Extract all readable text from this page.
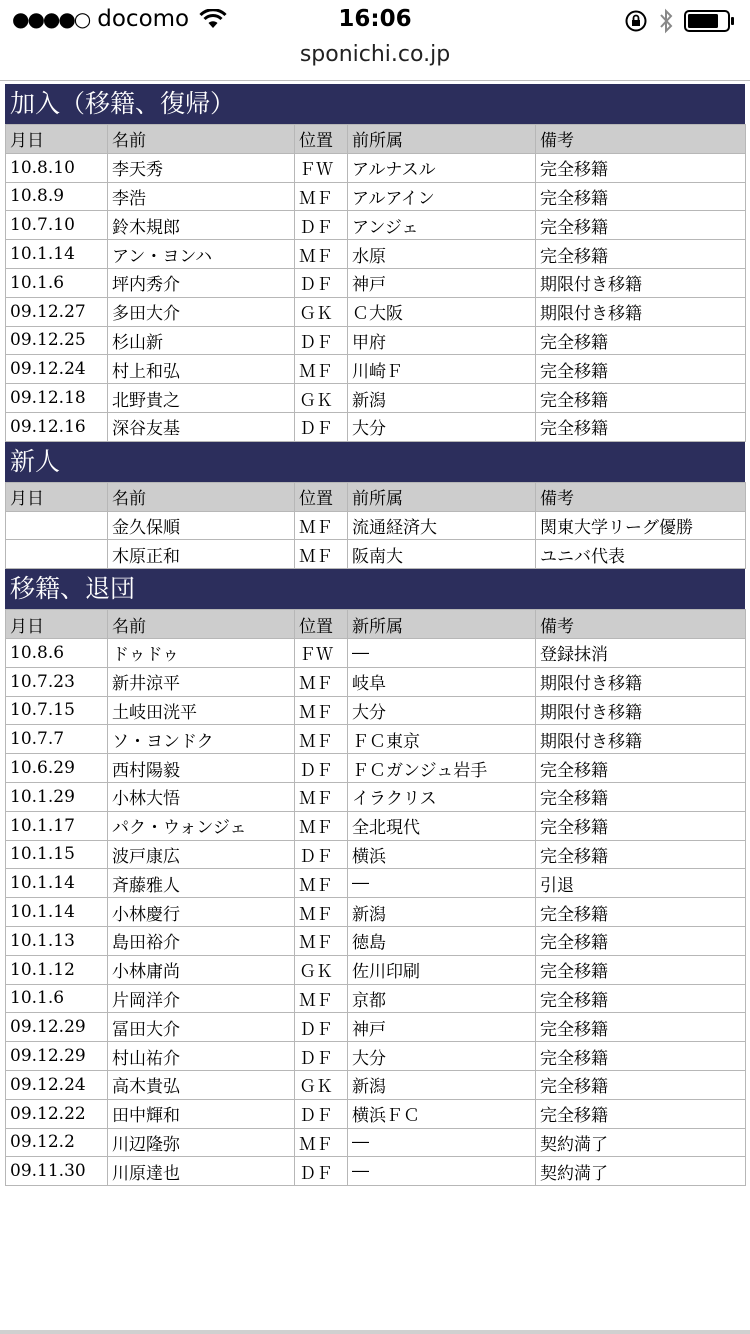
●●●●○ docomo	16:06
sponichi.co.jp
加入（移籍、復帰）
月日	名前	位置	前所属	備考
10.8.10	李天秀	ＦＷ	アルナスル	完全移籍
10.8.9	李浩	ＭＦ	アルアイン	完全移籍
10.7.10	鈴木規郎	ＤＦ	アンジェ	完全移籍
10.1.14	アン・ヨンハ	ＭＦ	水原	完全移籍
10.1.6	坪内秀介	ＤＦ	神戸	期限付き移籍
09.12.27	多田大介	ＧＫ	Ｃ大阪	期限付き移籍
09.12.25	杉山新	ＤＦ	甲府	完全移籍
09.12.24	村上和弘	ＭＦ	川崎Ｆ	完全移籍
09.12.18	北野貴之	ＧＫ	新潟	完全移籍
09.12.16	深谷友基	ＤＦ	大分	完全移籍
新人
月日	名前	位置	前所属	備考
	金久保順	ＭＦ	流通経済大	関東大学リーグ優勝
	木原正和	ＭＦ	阪南大	ユニバ代表
移籍、退団
月日	名前	位置	新所属	備考
10.8.6	ドゥドゥ	ＦＷ	―	登録抹消
10.7.23	新井涼平	ＭＦ	岐阜	期限付き移籍
10.7.15	土岐田洸平	ＭＦ	大分	期限付き移籍
10.7.7	ソ・ヨンドク	ＭＦ	ＦＣ東京	期限付き移籍
10.6.29	西村陽毅	ＤＦ	ＦＣガンジュ岩手	完全移籍
10.1.29	小林大悟	ＭＦ	イラクリス	完全移籍
10.1.17	パク・ウォンジェ	ＭＦ	全北現代	完全移籍
10.1.15	波戸康広	ＤＦ	横浜	完全移籍
10.1.14	斉藤雅人	ＭＦ	―	引退
10.1.14	小林慶行	ＭＦ	新潟	完全移籍
10.1.13	島田裕介	ＭＦ	徳島	完全移籍
10.1.12	小林庸尚	ＧＫ	佐川印刷	完全移籍
10.1.6	片岡洋介	ＭＦ	京都	完全移籍
09.12.29	冨田大介	ＤＦ	神戸	完全移籍
09.12.29	村山祐介	ＤＦ	大分	完全移籍
09.12.24	高木貴弘	ＧＫ	新潟	完全移籍
09.12.22	田中輝和	ＤＦ	横浜ＦＣ	完全移籍
09.12.2	川辺隆弥	ＭＦ	―	契約満了
09.11.30	川原達也	ＤＦ	―	契約満了
